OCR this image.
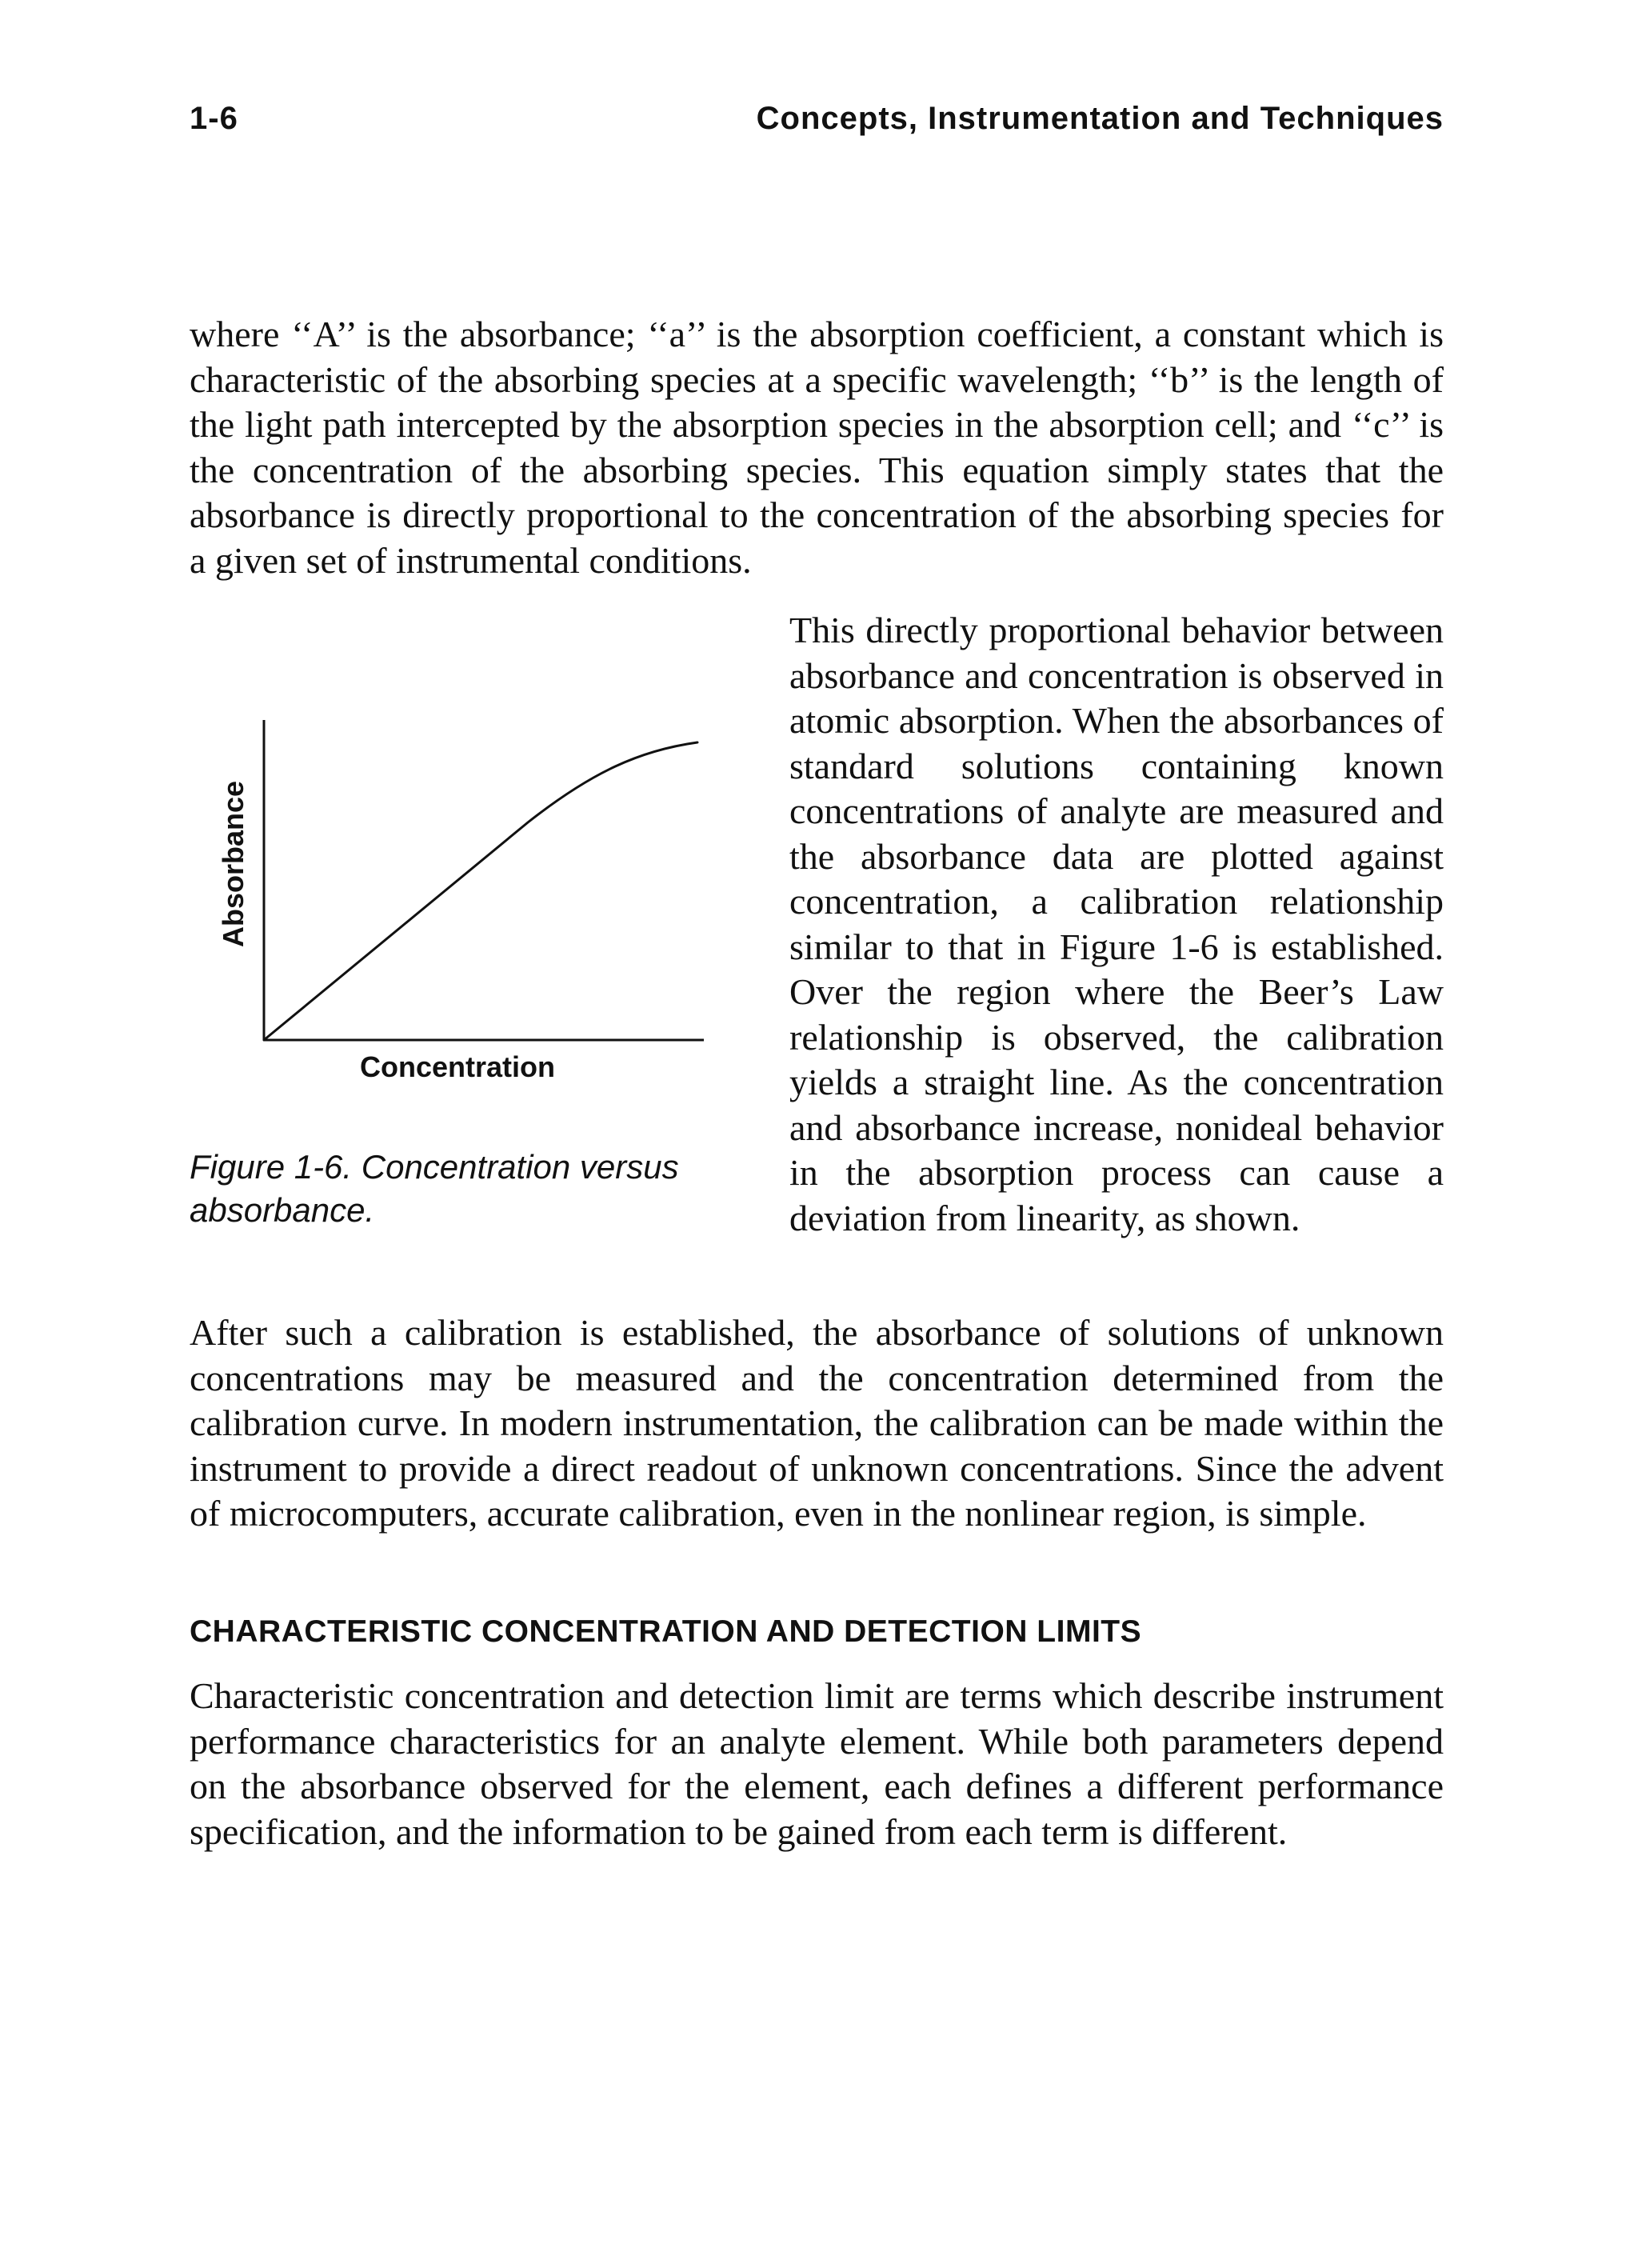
1-6	Concepts, Instrumentation and Techniques

where ‘‘A’’ is the absorbance; ‘‘a’’ is the absorption coefficient, a constant which is characteristic of the absorbing species at a specific wavelength; ‘‘b’’ is the length of the light path intercepted by the absorption species in the absorption cell; and ‘‘c’’ is the concentration of the absorbing species. This equation simply states that the absorbance is directly proportional to the concentration of the absorbing species for a given set of instrumental conditions.

Absorbance
Concentration
Figure 1-6. Concentration versus absorbance.

This directly proportional behavior between absorbance and concentration is observed in atomic absorption. When the absorbances of standard solutions containing known concentrations of analyte are measured and the absorbance data are plotted against concentration, a calibration relationship similar to that in Figure 1-6 is established. Over the region where the Beer’s Law relationship is observed, the calibration yields a straight line. As the concentration and absorbance increase, nonideal behavior in the absorption process can cause a deviation from linearity, as shown.

After such a calibration is established, the absorbance of solutions of unknown concentrations may be measured and the concentration determined from the calibration curve. In modern instrumentation, the calibration can be made within the instrument to provide a direct readout of unknown concentrations. Since the advent of microcomputers, accurate calibration, even in the nonlinear region, is simple.

CHARACTERISTIC CONCENTRATION AND DETECTION LIMITS

Characteristic concentration and detection limit are terms which describe instrument performance characteristics for an analyte element. While both parameters depend on the absorbance observed for the element, each defines a different performance specification, and the information to be gained from each term is different.
